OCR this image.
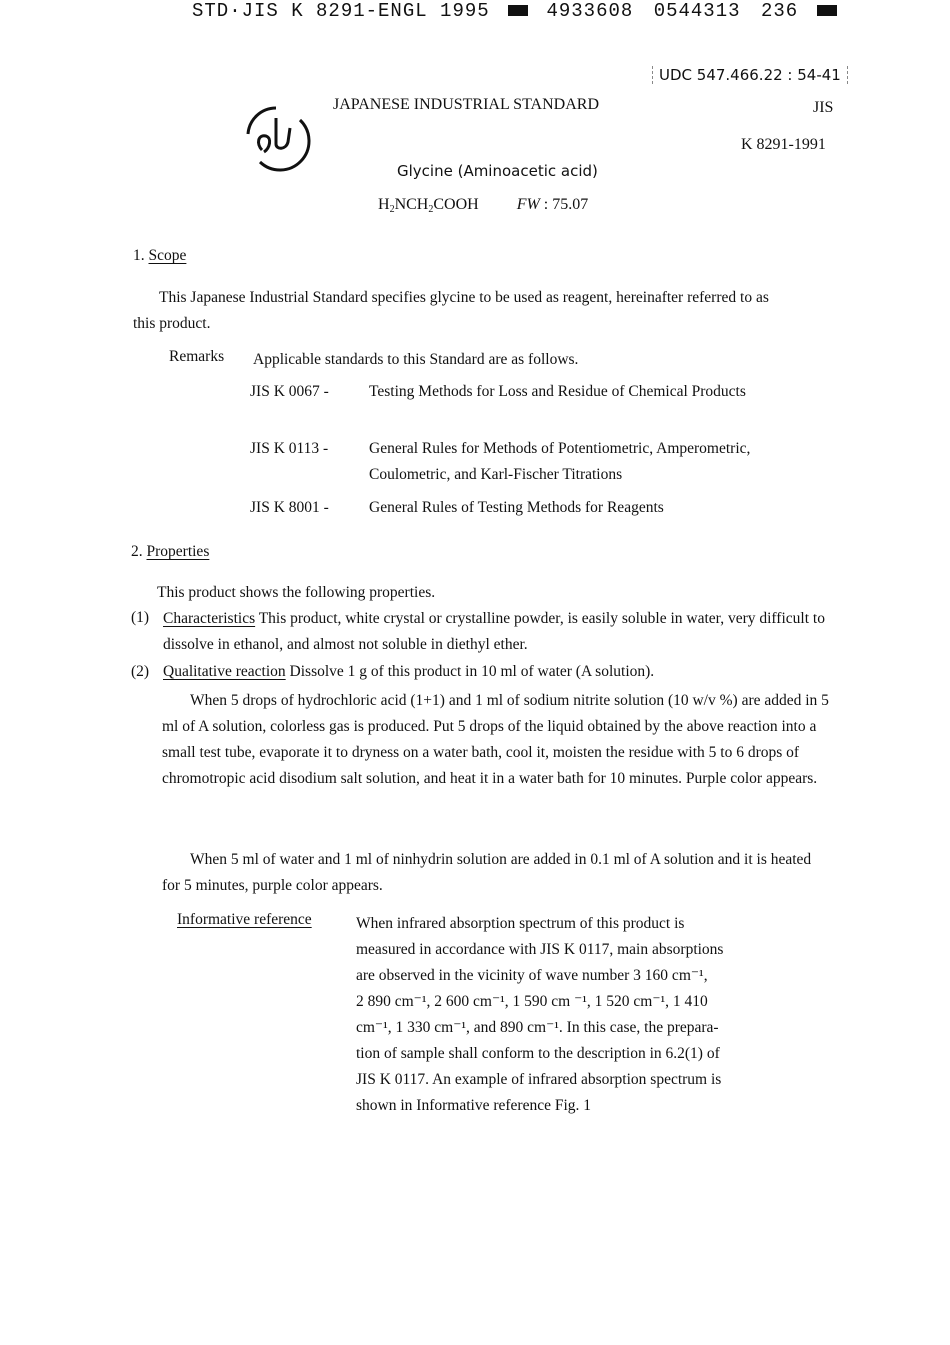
STD·JIS K 8291-ENGL 1995	4933608 0544313 236
UDC 547.466.22 : 54-41
JAPANESE INDUSTRIAL STANDARD	JIS
K 8291-1991
Glycine (Aminoacetic acid)
$H_2NCH_2COOH$ FW : 75.07
1. Scope
This Japanese Industrial Standard specifies glycine to be used as reagent, hereinafter referred to as this product.
Remarks Applicable standards to this Standard are as follows.
JIS K 0067 -	Testing Methods for Loss and Residue of Chemical Products
JIS K 0113 -	General Rules for Methods of Potentiometric, Amperometric, Coulometric, and Karl-Fischer Titrations
JIS K 8001 -	General Rules of Testing Methods for Reagents
2. Properties
This product shows the following properties.
(1) Characteristics This product, white crystal or crystalline powder, is easily soluble in water, very difficult to dissolve in ethanol, and almost not soluble in diethyl ether.
(2) Qualitative reaction Dissolve 1 g of this product in 10 ml of water (A solution).
When 5 drops of hydrochloric acid (1+1) and 1 ml of sodium nitrite solution (10 w/v %) are added in 5 ml of A solution, colorless gas is produced. Put 5 drops of the liquid obtained by the above reaction into a small test tube, evaporate it to dryness on a water bath, cool it, moisten the residue with 5 to 6 drops of chromotropic acid disodium salt solution, and heat it in a water bath for 10 minutes. Purple color appears.
When 5 ml of water and 1 ml of ninhydrin solution are added in 0.1 ml of A solution and it is heated for 5 minutes, purple color appears.
Informative reference	When infrared absorption spectrum of this product is
measured in accordance with JIS K 0117, main absorptions
are observed in the vicinity of wave number 3 160 cm⁻¹,
2 890 cm⁻¹, 2 600 cm⁻¹, 1 590 cm ⁻¹, 1 520 cm⁻¹, 1 410
cm⁻¹, 1 330 cm⁻¹, and 890 cm⁻¹. In this case, the prepara-
tion of sample shall conform to the description in 6.2(1) of
JIS K 0117. An example of infrared absorption spectrum is
shown in Informative reference Fig. 1
